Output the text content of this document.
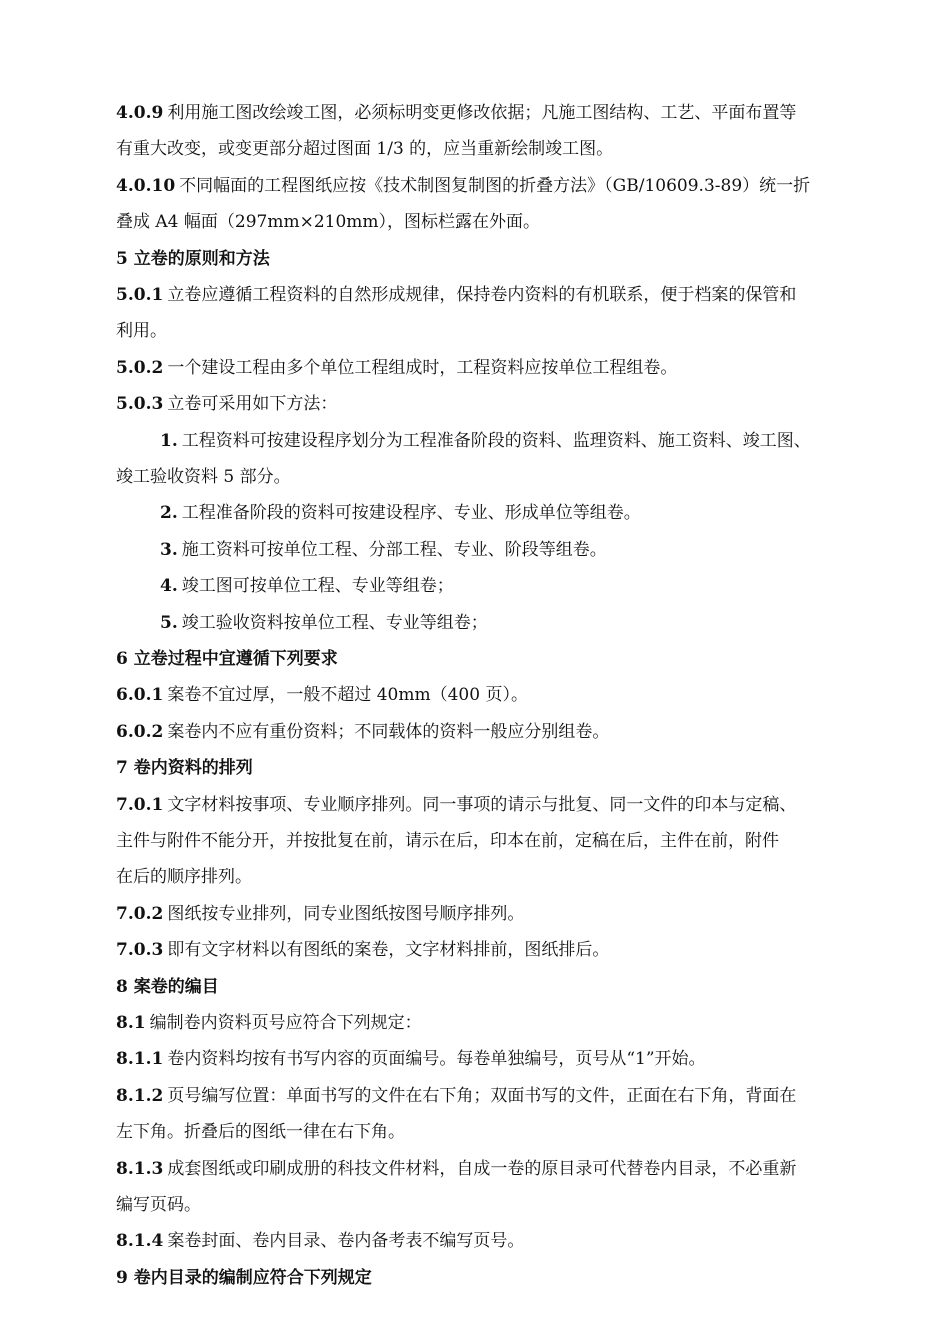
4.0.9 利用施工图改绘竣工图，必须标明变更修改依据；凡施工图结构、工艺、平面布置等

有重大改变，或变更部分超过图面 1/3 的，应当重新绘制竣工图。

4.0.10 不同幅面的工程图纸应按《技术制图复制图的折叠方法》（GB/10609.3-89）统一折

叠成 A4 幅面（297mm×210mm），图标栏露在外面。

5 立卷的原则和方法

5.0.1 立卷应遵循工程资料的自然形成规律，保持卷内资料的有机联系，便于档案的保管和

利用。

5.0.2 一个建设工程由多个单位工程组成时，工程资料应按单位工程组卷。

5.0.3 立卷可采用如下方法：

1. 工程资料可按建设程序划分为工程准备阶段的资料、监理资料、施工资料、竣工图、

竣工验收资料 5 部分。

2. 工程准备阶段的资料可按建设程序、专业、形成单位等组卷。

3. 施工资料可按单位工程、分部工程、专业、阶段等组卷。

4. 竣工图可按单位工程、专业等组卷；

5. 竣工验收资料按单位工程、专业等组卷；

6 立卷过程中宜遵循下列要求

6.0.1 案卷不宜过厚，一般不超过 40mm（400 页）。

6.0.2 案卷内不应有重份资料；不同载体的资料一般应分别组卷。

7 卷内资料的排列

7.0.1 文字材料按事项、专业顺序排列。同一事项的请示与批复、同一文件的印本与定稿、

主件与附件不能分开，并按批复在前，请示在后，印本在前，定稿在后，主件在前，附件

在后的顺序排列。

7.0.2 图纸按专业排列，同专业图纸按图号顺序排列。

7.0.3 即有文字材料以有图纸的案卷，文字材料排前，图纸排后。

8 案卷的编目

8.1 编制卷内资料页号应符合下列规定：

8.1.1 卷内资料均按有书写内容的页面编号。每卷单独编号，页号从“1”开始。

8.1.2 页号编写位置：单面书写的文件在右下角；双面书写的文件，正面在右下角，背面在

左下角。折叠后的图纸一律在右下角。

8.1.3 成套图纸或印刷成册的科技文件材料，自成一卷的原目录可代替卷内目录，不必重新

编写页码。

8.1.4 案卷封面、卷内目录、卷内备考表不编写页号。

9 卷内目录的编制应符合下列规定
